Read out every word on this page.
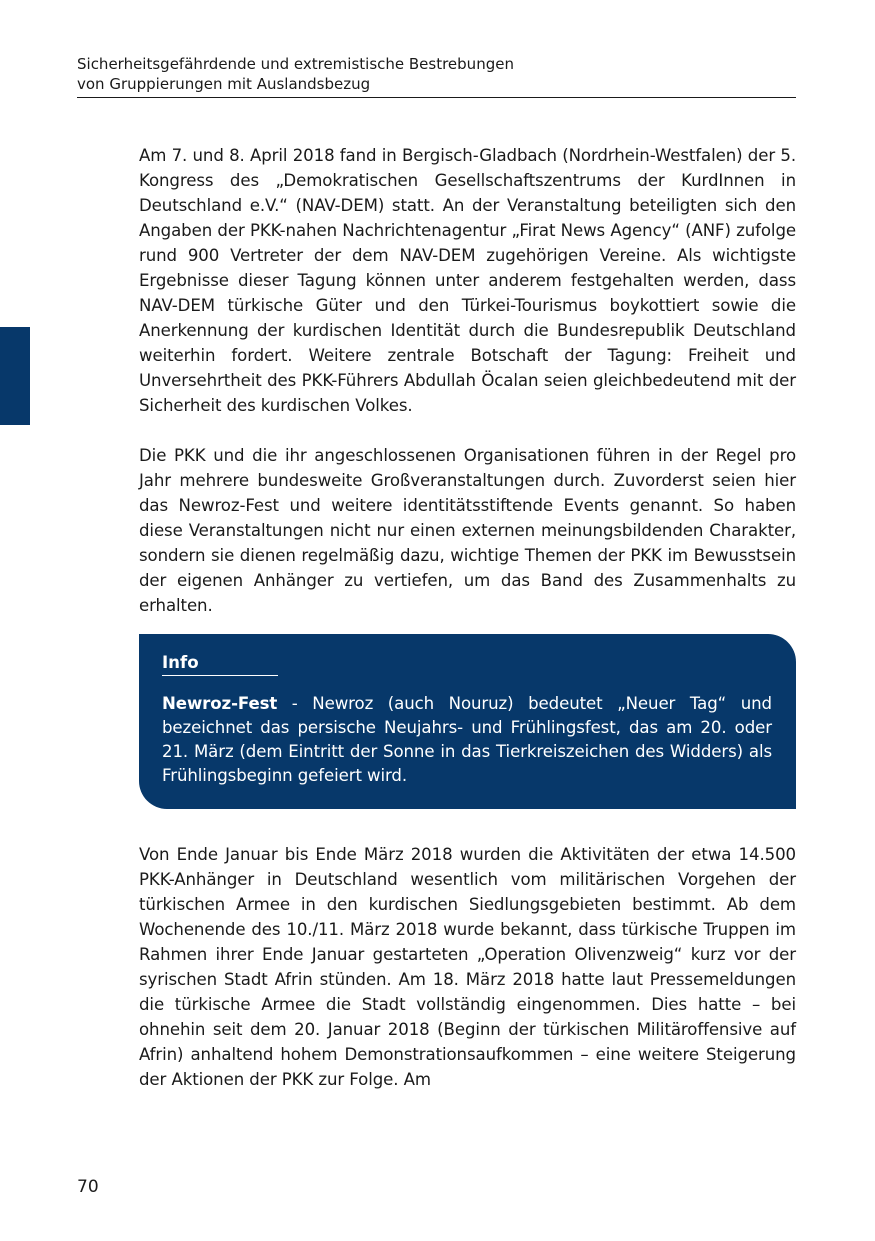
Sicherheitsgefährdende und extremistische Bestrebungen
von Gruppierungen mit Auslandsbezug

Am 7. und 8. April 2018 fand in Bergisch-Gladbach (Nordrhein-Westfalen) der 5. Kongress des „Demokratischen Gesellschaftszentrums der KurdInnen in Deutschland e.V.“ (NAV-DEM) statt. An der Veranstaltung beteiligten sich den Angaben der PKK-nahen Nachrichtenagentur „Firat News Agency“ (ANF) zufolge rund 900 Vertreter der dem NAV-DEM zugehörigen Vereine. Als wichtigste Ergebnisse dieser Tagung können unter anderem festgehalten werden, dass NAV-DEM türkische Güter und den Türkei-Tourismus boykottiert sowie die Anerkennung der kurdischen Identität durch die Bundesrepublik Deutschland weiterhin fordert. Weitere zentrale Botschaft der Tagung: Freiheit und Unversehrtheit des PKK-Führers Abdullah Öcalan seien gleichbedeutend mit der Sicherheit des kurdischen Volkes.

Die PKK und die ihr angeschlossenen Organisationen führen in der Regel pro Jahr mehrere bundesweite Großveranstaltungen durch. Zuvorderst seien hier das Newroz-Fest und weitere identitätsstiftende Events genannt. So haben diese Veranstaltungen nicht nur einen externen meinungsbildenden Charakter, sondern sie dienen regelmäßig dazu, wichtige Themen der PKK im Bewusstsein der eigenen Anhänger zu vertiefen, um das Band des Zusammenhalts zu erhalten.

Info
Newroz-Fest - Newroz (auch Nouruz) bedeutet „Neuer Tag“ und bezeichnet das persische Neujahrs- und Frühlingsfest, das am 20. oder 21. März (dem Eintritt der Sonne in das Tierkreiszeichen des Widders) als Frühlingsbeginn gefeiert wird.

Von Ende Januar bis Ende März 2018 wurden die Aktivitäten der etwa 14.500 PKK-Anhänger in Deutschland wesentlich vom militärischen Vorgehen der türkischen Armee in den kurdischen Siedlungsgebieten bestimmt. Ab dem Wochenende des 10./11. März 2018 wurde bekannt, dass türkische Truppen im Rahmen ihrer Ende Januar gestarteten „Operation Olivenzweig“ kurz vor der syrischen Stadt Afrin stünden. Am 18. März 2018 hatte laut Pressemeldungen die türkische Armee die Stadt vollständig eingenommen. Dies hatte – bei ohnehin seit dem 20. Januar 2018 (Beginn der türkischen Militäroffensive auf Afrin) anhaltend hohem Demonstrationsaufkommen – eine weitere Steigerung der Aktionen der PKK zur Folge. Am

70
